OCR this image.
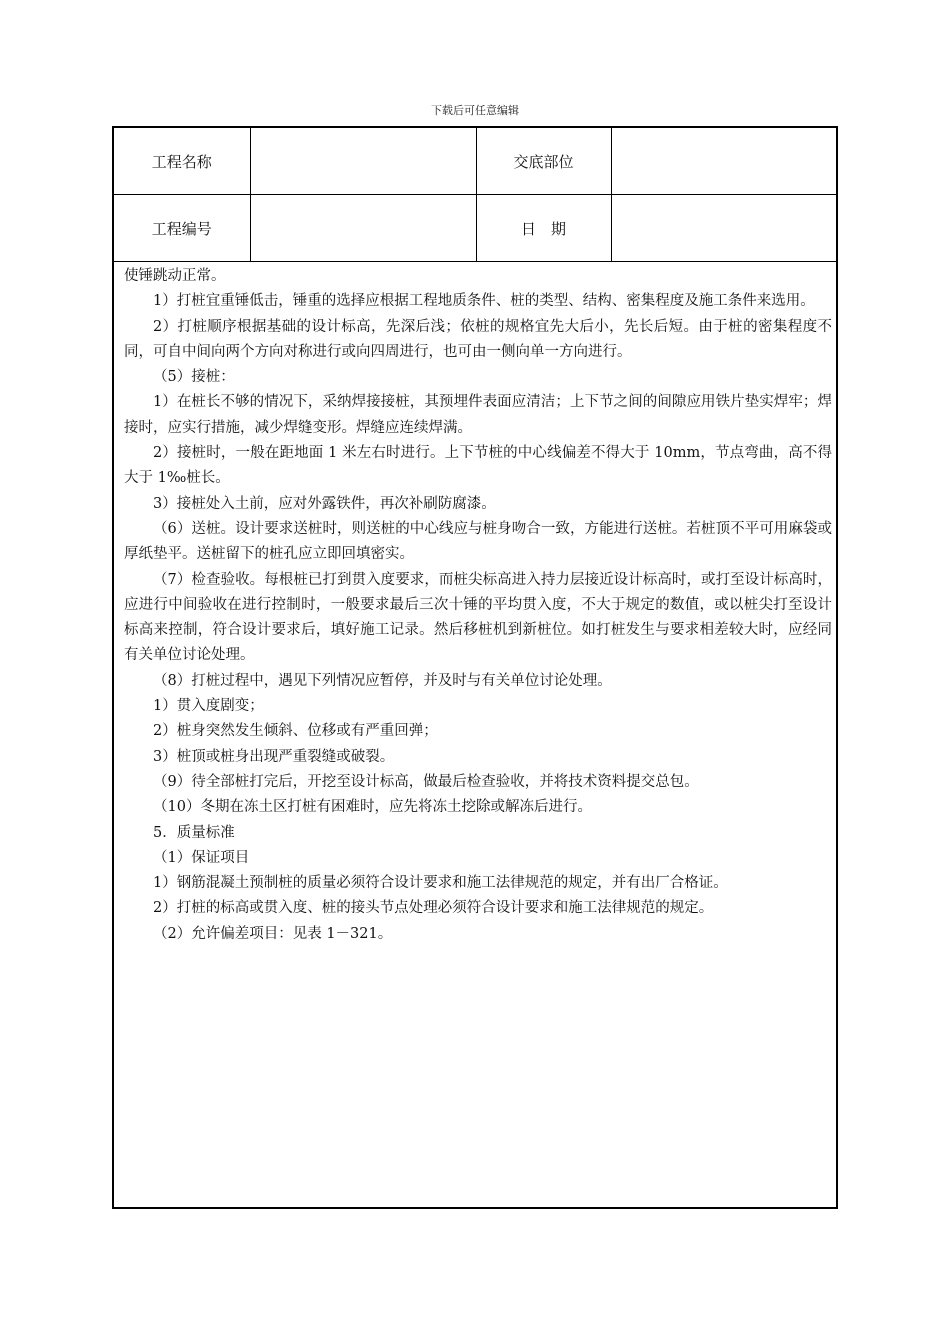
下载后可任意编辑
工程名称		交底部位	
工程编号		日　期	

使锤跳动正常。

1）打桩宜重锤低击，锤重的选择应根据工程地质条件、桩的类型、结构、密集程度及施工条件来选用。

2）打桩顺序根据基础的设计标高，先深后浅；依桩的规格宜先大后小，先长后短。由于桩的密集程度不同，可自中间向两个方向对称进行或向四周进行，也可由一侧向单一方向进行。

（5）接桩：

1）在桩长不够的情况下，采纳焊接接桩，其预埋件表面应清洁；上下节之间的间隙应用铁片垫实焊牢；焊接时，应实行措施，减少焊缝变形。焊缝应连续焊满。

2）接桩时，一般在距地面 1 米左右时进行。上下节桩的中心线偏差不得大于 10mm，节点弯曲，高不得大于 1‰桩长。

3）接桩处入土前，应对外露铁件，再次补刷防腐漆。

（6）送桩。设计要求送桩时，则送桩的中心线应与桩身吻合一致，方能进行送桩。若桩顶不平可用麻袋或厚纸垫平。送桩留下的桩孔应立即回填密实。

（7）检查验收。每根桩已打到贯入度要求，而桩尖标高进入持力层接近设计标高时，或打至设计标高时，应进行中间验收在进行控制时，一般要求最后三次十锤的平均贯入度，不大于规定的数值，或以桩尖打至设计标高来控制，符合设计要求后，填好施工记录。然后移桩机到新桩位。如打桩发生与要求相差较大时，应经同有关单位讨论处理。

（8）打桩过程中，遇见下列情况应暂停，并及时与有关单位讨论处理。

1）贯入度剧变；

2）桩身突然发生倾斜、位移或有严重回弹；

3）桩顶或桩身出现严重裂缝或破裂。

（9）待全部桩打完后，开挖至设计标高，做最后检查验收，并将技术资料提交总包。

（10）冬期在冻土区打桩有困难时，应先将冻土挖除或解冻后进行。

5．质量标准

（1）保证项目

1）钢筋混凝土预制桩的质量必须符合设计要求和施工法律规范的规定，并有出厂合格证。

2）打桩的标高或贯入度、桩的接头节点处理必须符合设计要求和施工法律规范的规定。

（2）允许偏差项目：见表 1－321。
